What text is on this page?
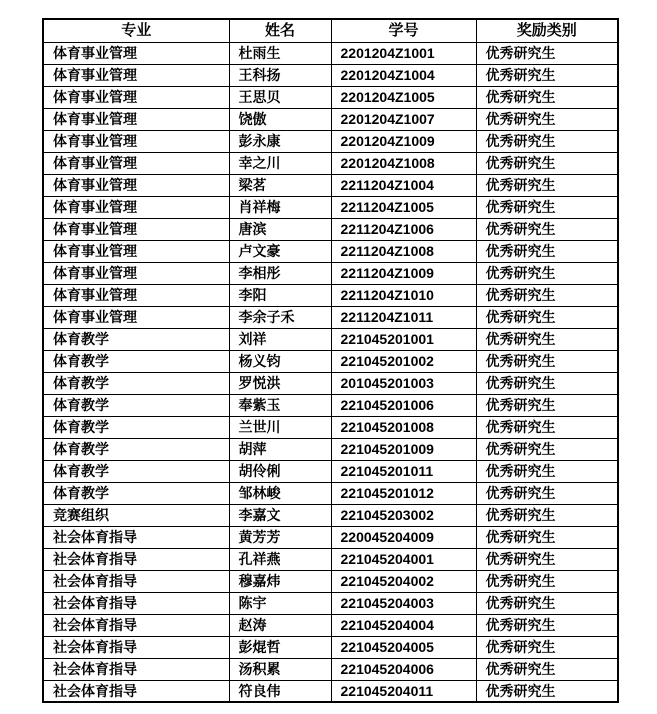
专业	姓名	学号	奖励类别
体育事业管理	杜雨生	2201204Z1001	优秀研究生
体育事业管理	王科扬	2201204Z1004	优秀研究生
体育事业管理	王思贝	2201204Z1005	优秀研究生
体育事业管理	饶傲	2201204Z1007	优秀研究生
体育事业管理	彭永康	2201204Z1009	优秀研究生
体育事业管理	幸之川	2201204Z1008	优秀研究生
体育事业管理	梁茗	2211204Z1004	优秀研究生
体育事业管理	肖祥梅	2211204Z1005	优秀研究生
体育事业管理	唐滨	2211204Z1006	优秀研究生
体育事业管理	卢文豪	2211204Z1008	优秀研究生
体育事业管理	李相彤	2211204Z1009	优秀研究生
体育事业管理	李阳	2211204Z1010	优秀研究生
体育事业管理	李余子禾	2211204Z1011	优秀研究生
体育教学	刘祥	221045201001	优秀研究生
体育教学	杨义钧	221045201002	优秀研究生
体育教学	罗悦洪	201045201003	优秀研究生
体育教学	奉紫玉	221045201006	优秀研究生
体育教学	兰世川	221045201008	优秀研究生
体育教学	胡萍	221045201009	优秀研究生
体育教学	胡伶俐	221045201011	优秀研究生
体育教学	邹林峻	221045201012	优秀研究生
竞赛组织	李嘉文	221045203002	优秀研究生
社会体育指导	黄芳芳	220045204009	优秀研究生
社会体育指导	孔祥燕	221045204001	优秀研究生
社会体育指导	穆嘉炜	221045204002	优秀研究生
社会体育指导	陈宇	221045204003	优秀研究生
社会体育指导	赵涛	221045204004	优秀研究生
社会体育指导	彭焜哲	221045204005	优秀研究生
社会体育指导	汤积累	221045204006	优秀研究生
社会体育指导	符良伟	221045204011	优秀研究生
